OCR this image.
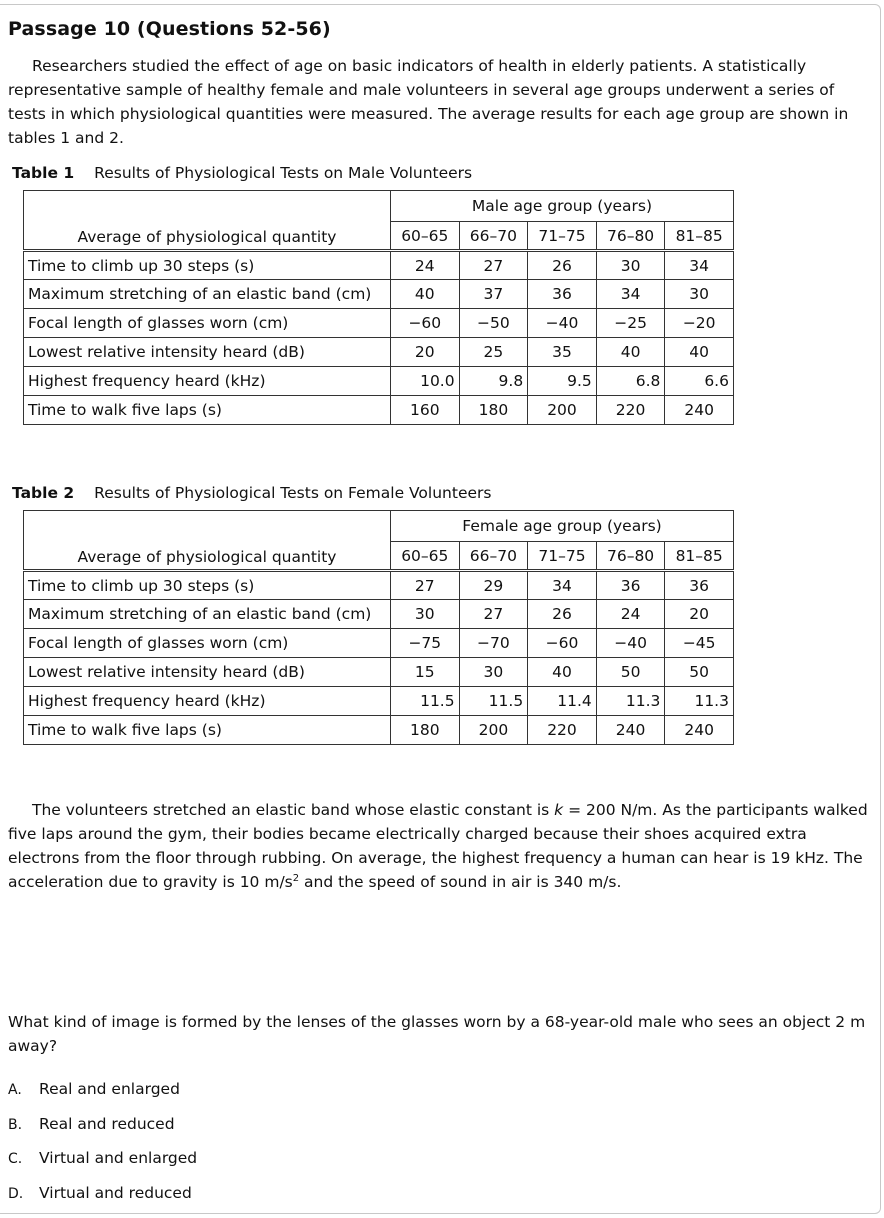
Passage 10 (Questions 52-56)
Researchers studied the effect of age on basic indicators of health in elderly patients. A statistically representative sample of healthy female and male volunteers in several age groups underwent a series of tests in which physiological quantities were measured. The average results for each age group are shown in tables 1 and 2.
Table 1 Results of Physiological Tests on Male Volunteers
Average of physiological quantity	Male age group (years)				
	60–65	66–70	71–75	76–80	81–85
Time to climb up 30 steps (s)	24	27	26	30	34
Maximum stretching of an elastic band (cm)	40	37	36	34	30
Focal length of glasses worn (cm)	−60	−50	−40	−25	−20
Lowest relative intensity heard (dB)	20	25	35	40	40
Highest frequency heard (kHz)	10.0	9.8	9.5	6.8	6.6
Time to walk five laps (s)	160	180	200	220	240
Table 2 Results of Physiological Tests on Female Volunteers
Average of physiological quantity	Female age group (years)				
	60–65	66–70	71–75	76–80	81–85
Time to climb up 30 steps (s)	27	29	34	36	36
Maximum stretching of an elastic band (cm)	30	27	26	24	20
Focal length of glasses worn (cm)	−75	−70	−60	−40	−45
Lowest relative intensity heard (dB)	15	30	40	50	50
Highest frequency heard (kHz)	11.5	11.5	11.4	11.3	11.3
Time to walk five laps (s)	180	200	220	240	240
The volunteers stretched an elastic band whose elastic constant is k = 200 N/m. As the participants walked five laps around the gym, their bodies became electrically charged because their shoes acquired extra electrons from the floor through rubbing. On average, the highest frequency a human can hear is 19 kHz. The acceleration due to gravity is 10 $m/s^2$ and the speed of sound in air is 340 m/s.
What kind of image is formed by the lenses of the glasses worn by a 68-year-old male who sees an object 2 m away?
A. Real and enlarged
B. Real and reduced
C. Virtual and enlarged
D. Virtual and reduced
